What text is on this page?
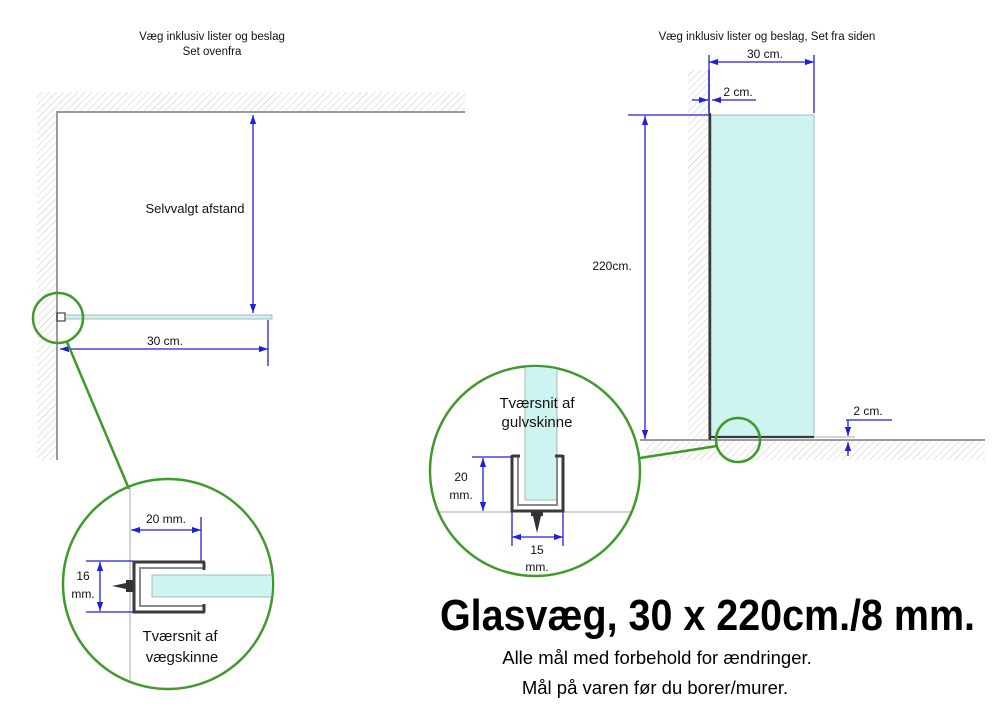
Væg inklusiv lister og beslag
Set ovenfra
Selvvalgt afstand
30 cm.
20 mm.
16
mm.
Tværsnit af
vægskinne
Væg inklusiv lister og beslag, Set fra siden
30 cm.
2 cm.
220cm.
2 cm.
20
mm.
15
mm.
Tværsnit af
gulvskinne
Glasvæg, 30 x 220cm./8 mm.
Alle mål med forbehold for ændringer.
Mål på varen før du borer/murer.
